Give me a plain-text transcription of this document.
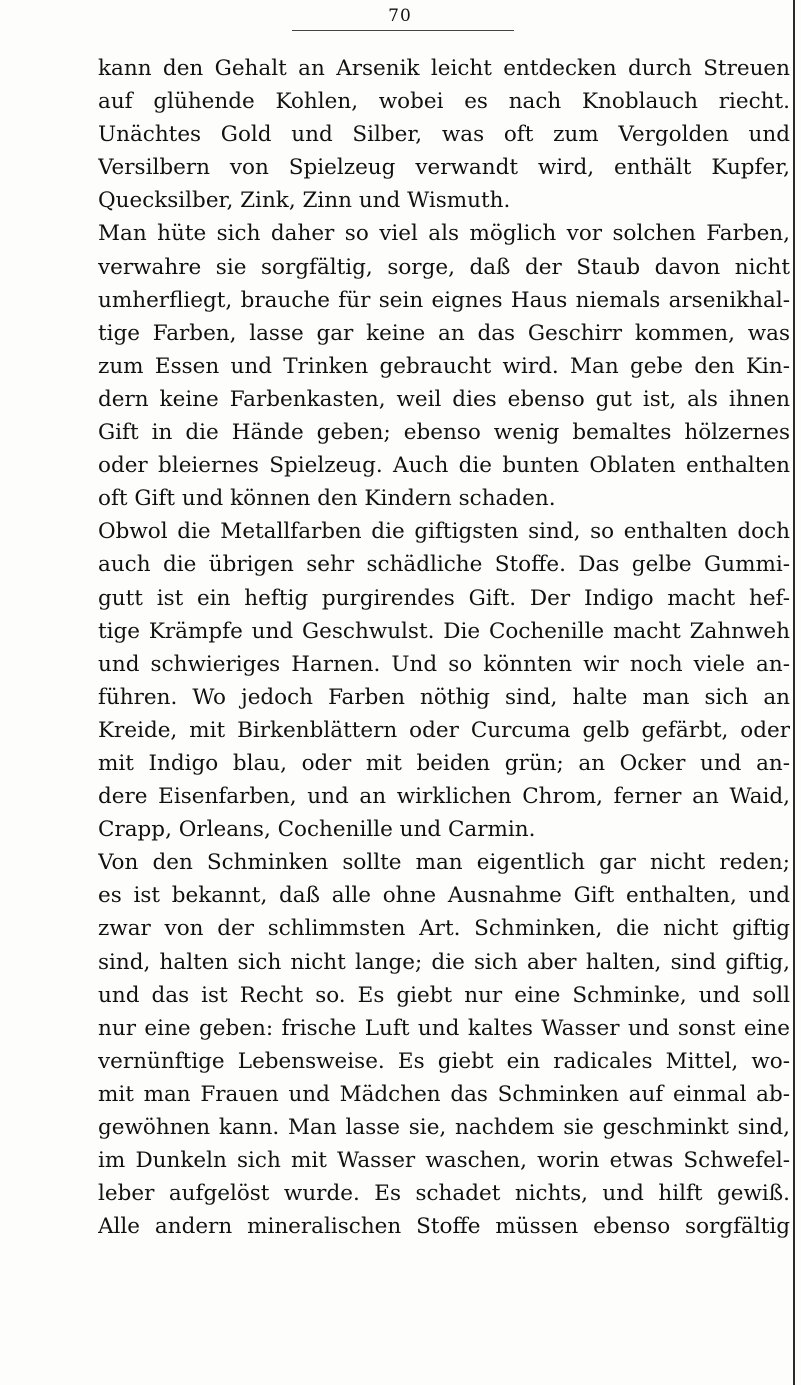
70
kann den Gehalt an Arsenik leicht entdecken durch Streuen
auf glühende Kohlen, wobei es nach Knoblauch riecht.
Unächtes Gold und Silber, was oft zum Vergolden und
Versilbern von Spielzeug verwandt wird, enthält Kupfer,
Quecksilber, Zink, Zinn und Wismuth.
Man hüte sich daher so viel als möglich vor solchen Farben,
verwahre sie sorgfältig, sorge, daß der Staub davon nicht
umherfliegt, brauche für sein eignes Haus niemals arsenikhal-
tige Farben, lasse gar keine an das Geschirr kommen, was
zum Essen und Trinken gebraucht wird. Man gebe den Kin-
dern keine Farbenkasten, weil dies ebenso gut ist, als ihnen
Gift in die Hände geben; ebenso wenig bemaltes hölzernes
oder bleiernes Spielzeug. Auch die bunten Oblaten enthalten
oft Gift und können den Kindern schaden.
Obwol die Metallfarben die giftigsten sind, so enthalten doch
auch die übrigen sehr schädliche Stoffe. Das gelbe Gummi-
gutt ist ein heftig purgirendes Gift. Der Indigo macht hef-
tige Krämpfe und Geschwulst. Die Cochenille macht Zahnweh
und schwieriges Harnen. Und so könnten wir noch viele an-
führen. Wo jedoch Farben nöthig sind, halte man sich an
Kreide, mit Birkenblättern oder Curcuma gelb gefärbt, oder
mit Indigo blau, oder mit beiden grün; an Ocker und an-
dere Eisenfarben, und an wirklichen Chrom, ferner an Waid,
Crapp, Orleans, Cochenille und Carmin.
Von den Schminken sollte man eigentlich gar nicht reden;
es ist bekannt, daß alle ohne Ausnahme Gift enthalten, und
zwar von der schlimmsten Art. Schminken, die nicht giftig
sind, halten sich nicht lange; die sich aber halten, sind giftig,
und das ist Recht so. Es giebt nur eine Schminke, und soll
nur eine geben: frische Luft und kaltes Wasser und sonst eine
vernünftige Lebensweise. Es giebt ein radicales Mittel, wo-
mit man Frauen und Mädchen das Schminken auf einmal ab-
gewöhnen kann. Man lasse sie, nachdem sie geschminkt sind,
im Dunkeln sich mit Wasser waschen, worin etwas Schwefel-
leber aufgelöst wurde. Es schadet nichts, und hilft gewiß.
Alle andern mineralischen Stoffe müssen ebenso sorgfältig
